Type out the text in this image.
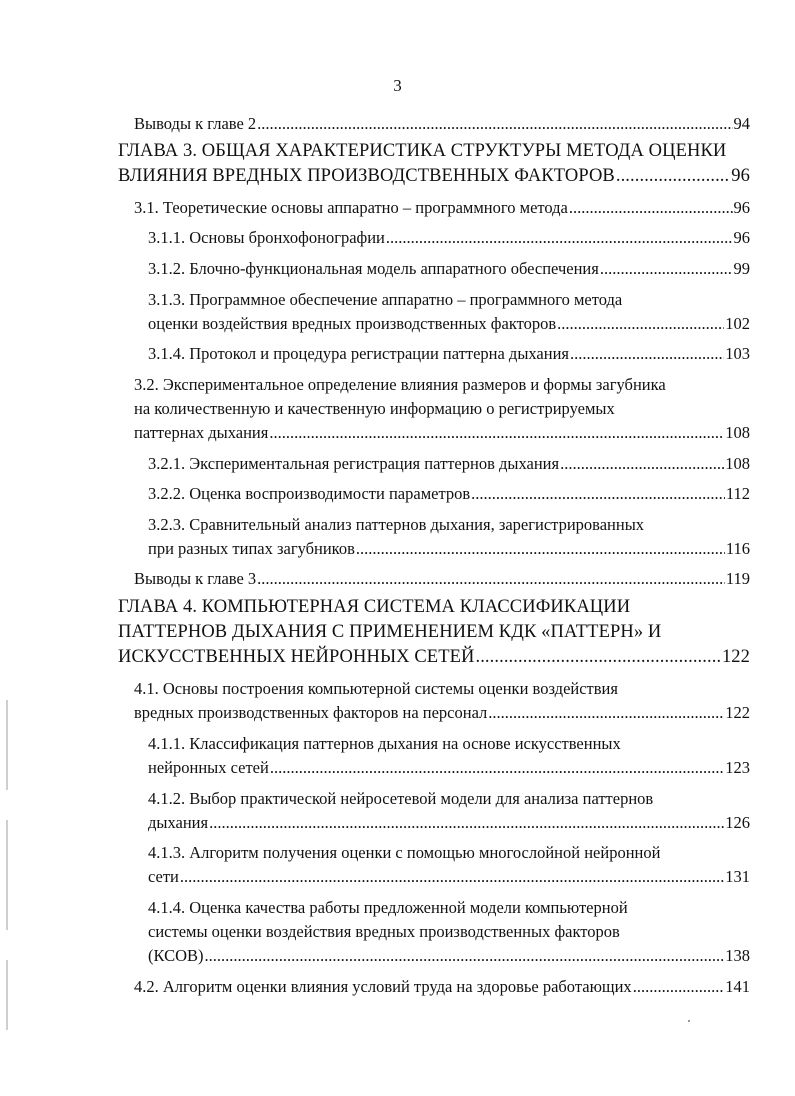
3
Выводы к главе 2 .....	94
ГЛАВА 3. ОБЩАЯ ХАРАКТЕРИСТИКА СТРУКТУРЫ МЕТОДА ОЦЕНКИ
ВЛИЯНИЯ ВРЕДНЫХ ПРОИЗВОДСТВЕННЫХ ФАКТОРОВ .....	96
3.1. Теоретические основы аппаратно – программного метода .....	96
3.1.1. Основы бронхофонографии .....	96
3.1.2. Блочно-функциональная модель аппаратного обеспечения .....	99
3.1.3. Программное обеспечение аппаратно – программного метода
оценки воздействия вредных производственных факторов .....	102
3.1.4. Протокол и процедура регистрации паттерна дыхания .....	103
3.2. Экспериментальное определение влияния размеров и формы загубника
на количественную и качественную информацию о регистрируемых
паттернах дыхания .....	108
3.2.1. Экспериментальная регистрация паттернов дыхания .....	108
3.2.2. Оценка воспроизводимости параметров .....	112
3.2.3. Сравнительный анализ паттернов дыхания, зарегистрированных
при разных типах загубников .....	116
Выводы к главе 3 .....	119
ГЛАВА 4. КОМПЬЮТЕРНАЯ СИСТЕМА КЛАССИФИКАЦИИ
ПАТТЕРНОВ ДЫХАНИЯ С ПРИМЕНЕНИЕМ КДК «ПАТТЕРН» И
ИСКУССТВЕННЫХ НЕЙРОННЫХ СЕТЕЙ .....	122
4.1. Основы построения компьютерной системы оценки воздействия
вредных производственных факторов на персонал .....	122
4.1.1. Классификация паттернов дыхания на основе искусственных
нейронных сетей .....	123
4.1.2. Выбор практической нейросетевой модели для анализа паттернов
дыхания .....	126
4.1.3. Алгоритм получения оценки с помощью многослойной нейронной
сети .....	131
4.1.4. Оценка качества работы предложенной модели компьютерной
системы оценки воздействия вредных производственных факторов
(КСОВ) .....	138
4.2. Алгоритм оценки влияния условий труда на здоровье работающих .....	141
